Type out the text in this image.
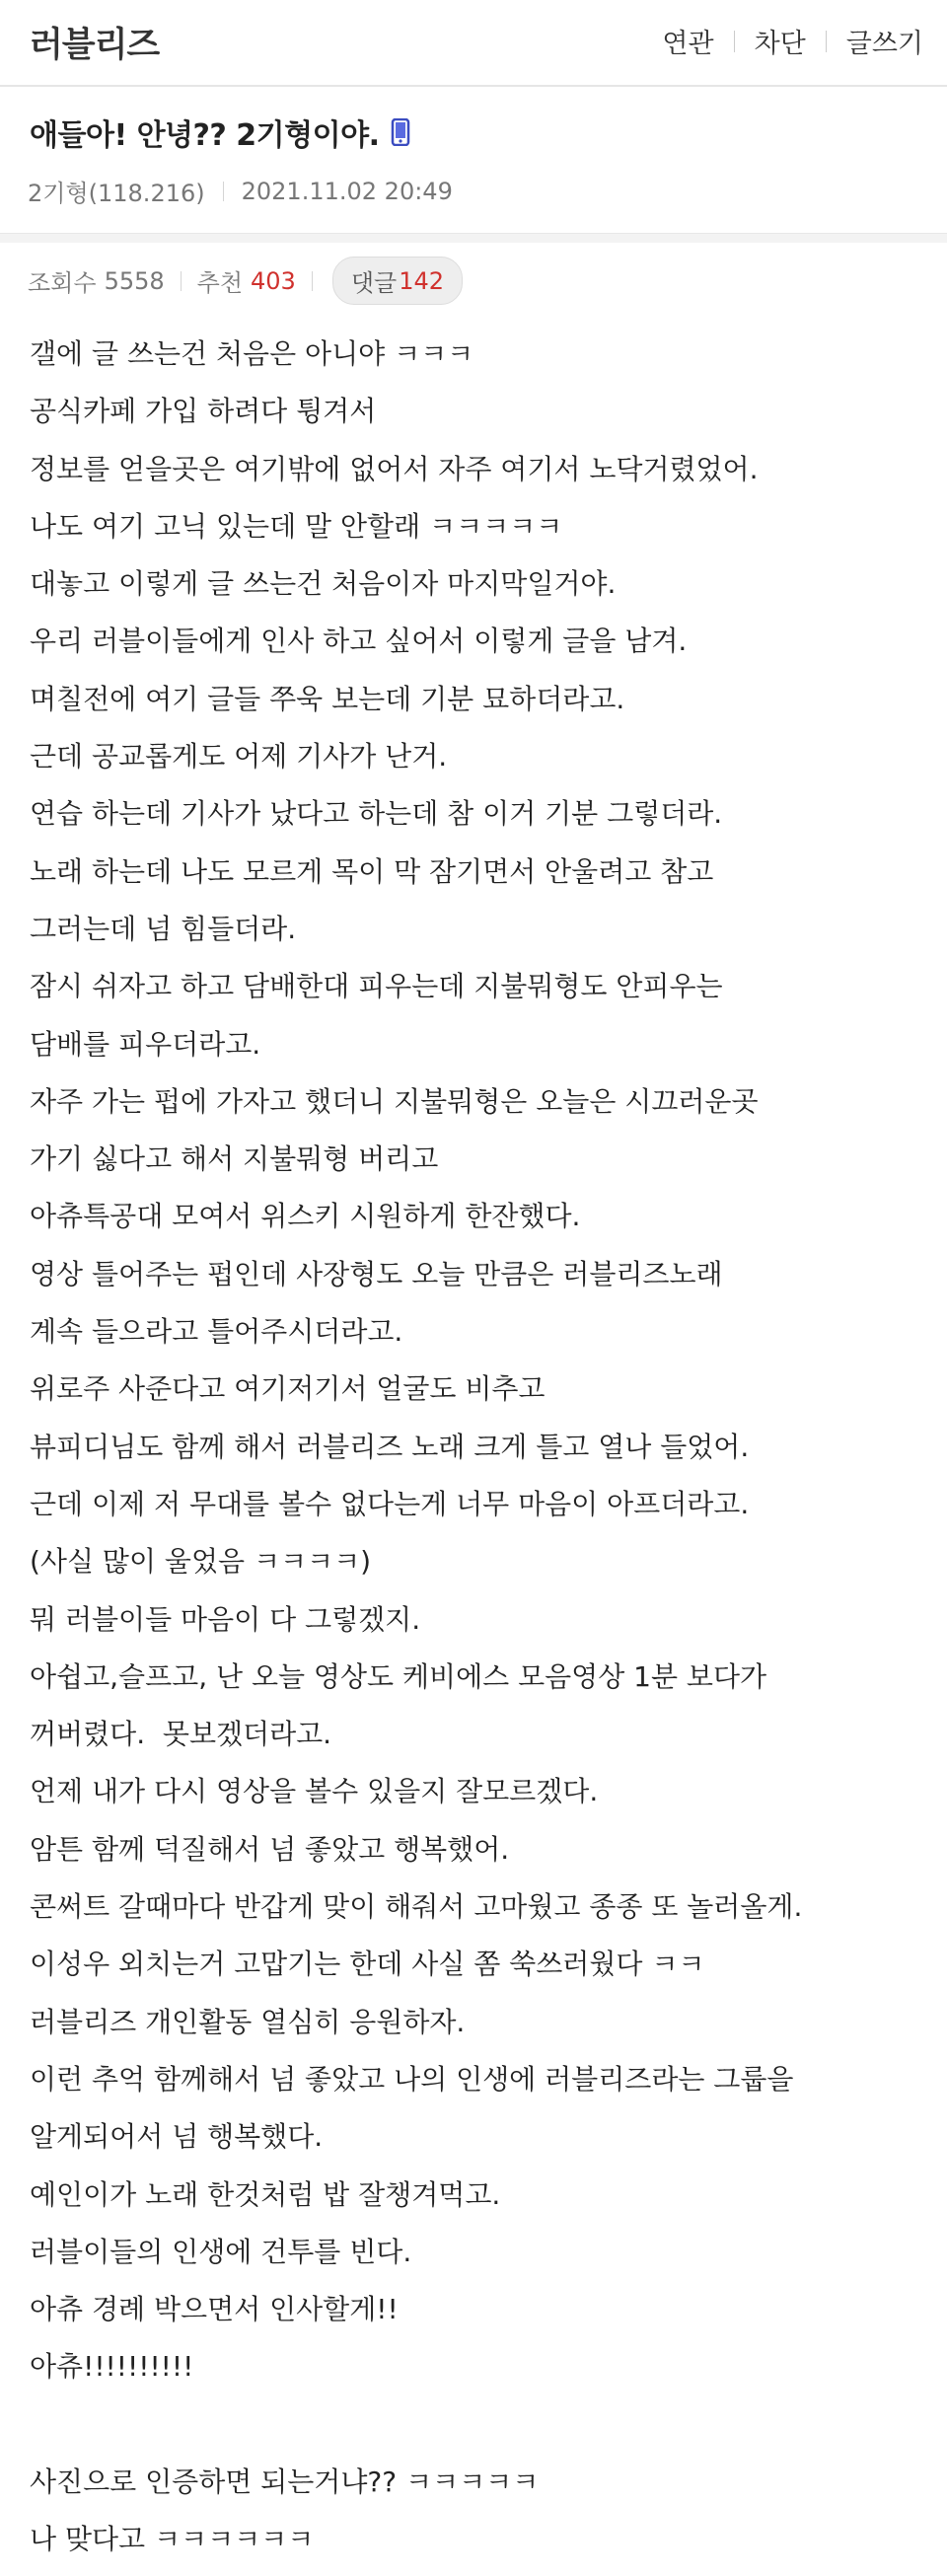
러블리즈	연관 차단 글쓰기
애들아! 안녕?? 2기형이야.
2기형(118.216) 2021.11.02 20:49
조회수 5558 추천 403 댓글 142
갤에 글 쓰는건 처음은 아니야 ㅋㅋㅋ
공식카페 가입 하려다 튕겨서
정보를 얻을곳은 여기밖에 없어서 자주 여기서 노닥거렸었어.
나도 여기 고닉 있는데 말 안할래 ㅋㅋㅋㅋㅋ
대놓고 이렇게 글 쓰는건 처음이자 마지막일거야.
우리 러블이들에게 인사 하고 싶어서 이렇게 글을 남겨.
며칠전에 여기 글들 쭈욱 보는데 기분 묘하더라고.
근데 공교롭게도 어제 기사가 난거.
연습 하는데 기사가 났다고 하는데 참 이거 기분 그렇더라.
노래 하는데 나도 모르게 목이 막 잠기면서 안울려고 참고
그러는데 넘 힘들더라.
잠시 쉬자고 하고 담배한대 피우는데 지불뭐형도 안피우는
담배를 피우더라고.
자주 가는 펍에 가자고 했더니 지불뭐형은 오늘은 시끄러운곳
가기 싫다고 해서 지불뭐형 버리고
아츄특공대 모여서 위스키 시원하게 한잔했다.
영상 틀어주는 펍인데 사장형도 오늘 만큼은 러블리즈노래
계속 들으라고 틀어주시더라고.
위로주 사준다고 여기저기서 얼굴도 비추고
뷰피디님도 함께 해서 러블리즈 노래 크게 틀고 열나 들었어.
근데 이제 저 무대를 볼수 없다는게 너무 마음이 아프더라고.
(사실 많이 울었음 ㅋㅋㅋㅋ)
뭐 러블이들 마음이 다 그렇겠지.
아쉽고,슬프고, 난 오늘 영상도 케비에스 모음영상 1분 보다가
꺼버렸다.  못보겠더라고.
언제 내가 다시 영상을 볼수 있을지 잘모르겠다.
암튼 함께 덕질해서 넘 좋았고 행복했어.
콘써트 갈때마다 반갑게 맞이 해줘서 고마웠고 종종 또 놀러올게.
이성우 외치는거 고맙기는 한데 사실 쫌 쑥쓰러웠다 ㅋㅋ
러블리즈 개인활동 열심히 응원하자.
이런 추억 함께해서 넘 좋았고 나의 인생에 러블리즈라는 그룹을
알게되어서 넘 행복했다.
예인이가 노래 한것처럼 밥 잘챙겨먹고.
러블이들의 인생에 건투를 빈다.
아츄 경례 박으면서 인사할게!!
아츄!!!!!!!!!!
사진으로 인증하면 되는거냐?? ㅋㅋㅋㅋㅋ
나 맞다고 ㅋㅋㅋㅋㅋㅋ
